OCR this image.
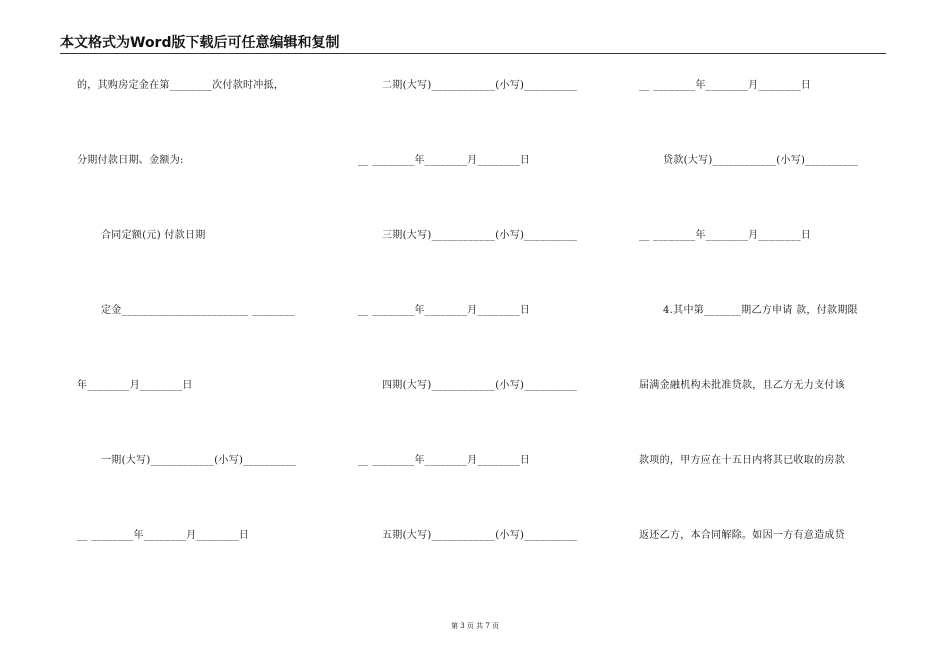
本文格式为Word版下载后可任意编辑和复制
的，其购房定金在第________次付款时冲抵，
分期付款日期、金额为:
合同定额(元) 付款日期
定金________________________ ________
年________月________日
一期(大写)____________(小写)__________
__ ________年________月________日
二期(大写)____________(小写)__________
__ ________年________月________日
三期(大写)____________(小写)__________
__ ________年________月________日
四期(大写)____________(小写)__________
__ ________年________月________日
五期(大写)____________(小写)__________
__ ________年________月________日
贷款(大写)____________(小写)__________
__ ________年________月________日
4.其中第_______期乙方申请 款，付款期限
届满金融机构未批准贷款，且乙方无力支付该
款项的，甲方应在十五日内将其已收取的房款
返还乙方，本合同解除。如因一方有意造成贷
第 3 页 共 7 页
